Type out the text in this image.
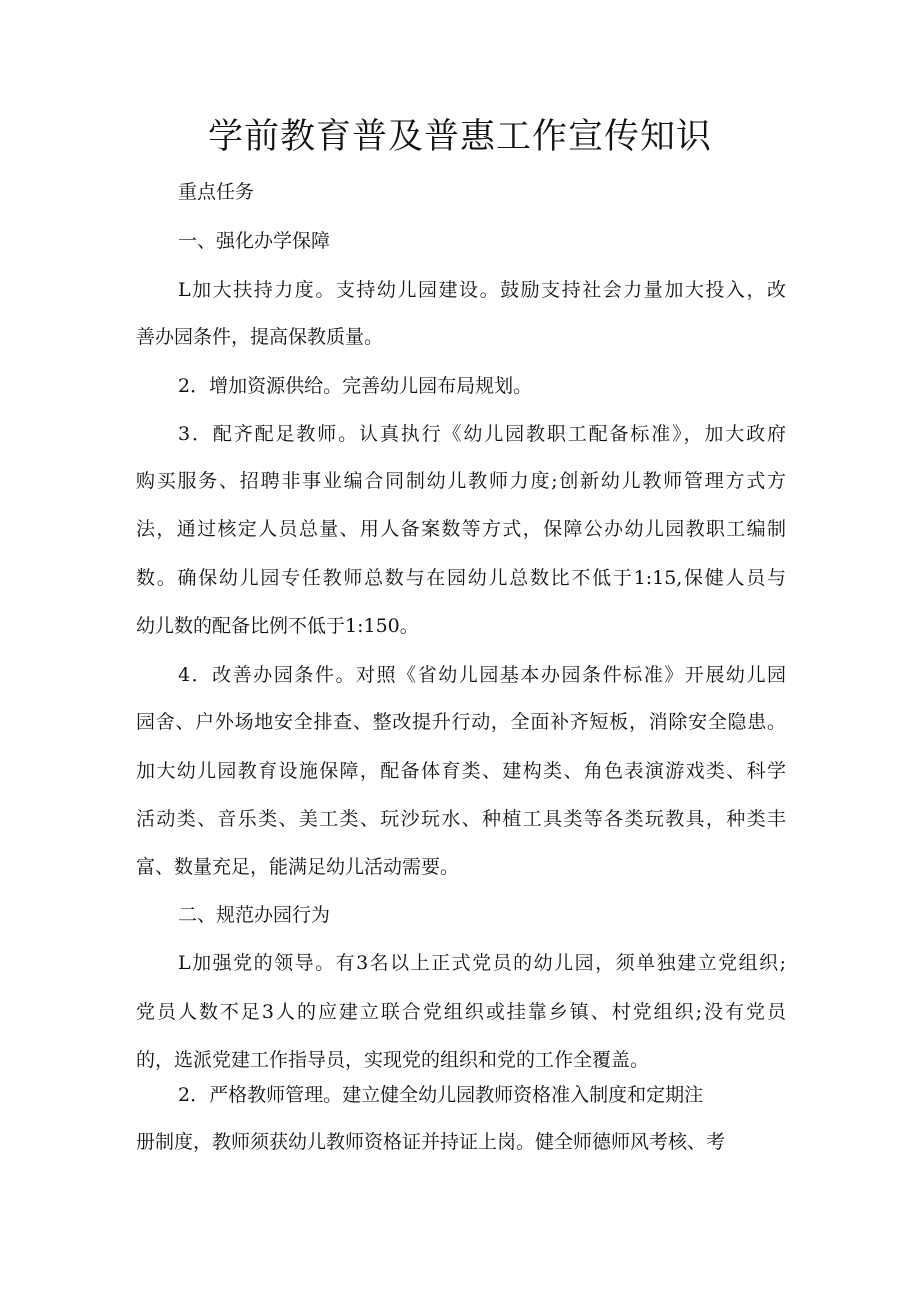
学前教育普及普惠工作宣传知识

重点任务

一、强化办学保障

L加大扶持力度。支持幼儿园建设。鼓励支持社会力量加大投入，改

善办园条件，提高保教质量。

2．增加资源供给。完善幼儿园布局规划。

3．配齐配足教师。认真执行《幼儿园教职工配备标准》，加大政府

购买服务、招聘非事业编合同制幼儿教师力度;创新幼儿教师管理方式方

法，通过核定人员总量、用人备案数等方式，保障公办幼儿园教职工编制

数。确保幼儿园专任教师总数与在园幼儿总数比不低于1:15,保健人员与

幼儿数的配备比例不低于1:150。

4．改善办园条件。对照《省幼儿园基本办园条件标准》开展幼儿园

园舍、户外场地安全排查、整改提升行动，全面补齐短板，消除安全隐患。

加大幼儿园教育设施保障，配备体育类、建构类、角色表演游戏类、科学

活动类、音乐类、美工类、玩沙玩水、种植工具类等各类玩教具，种类丰

富、数量充足，能满足幼儿活动需要。

二、规范办园行为

L加强党的领导。有3名以上正式党员的幼儿园，须单独建立党组织;

党员人数不足3人的应建立联合党组织或挂靠乡镇、村党组织;没有党员

的，选派党建工作指导员，实现党的组织和党的工作全覆盖。

2．严格教师管理。建立健全幼儿园教师资格准入制度和定期注

册制度，教师须获幼儿教师资格证并持证上岗。健全师德师风考核、考
